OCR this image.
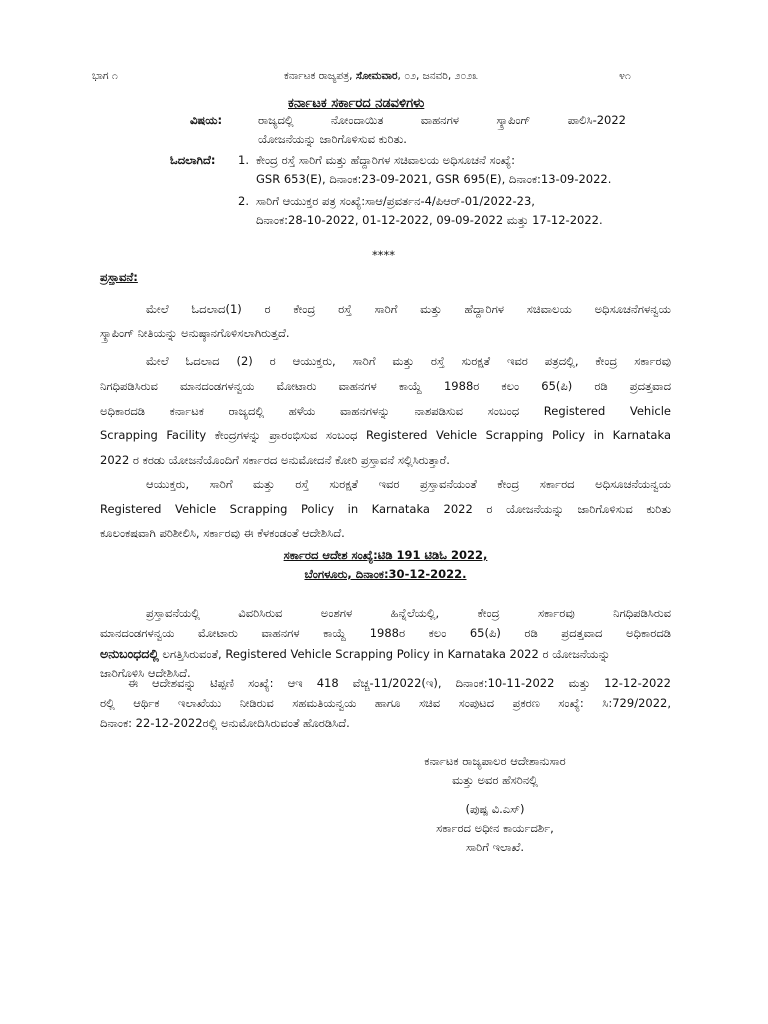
ಭಾಗ ೧	ಕರ್ನಾಟಕ ರಾಜ್ಯಪತ್ರ, ಸೋಮವಾರ, ೦೨, ಜನವರಿ, ೨೦೨೩	೪೧
ಕರ್ನಾಟಕ ಸರ್ಕಾರದ ನಡವಳಿಗಳು
ವಿಷಯ:	ರಾಜ್ಯದಲ್ಲಿ ನೋಂದಾಯಿತ ವಾಹನಗಳ ಸ್ಕ್ರಾಪಿಂಗ್ ಪಾಲಿಸಿ-2022
ಯೋಜನೆಯನ್ನು ಜಾರಿಗೊಳಿಸುವ ಕುರಿತು.
ಓದಲಾಗಿದೆ: 1. ಕೇಂದ್ರ ರಸ್ತೆ ಸಾರಿಗೆ ಮತ್ತು ಹೆದ್ದಾರಿಗಳ ಸಚಿವಾಲಯ ಅಧಿಸೂಚನೆ ಸಂಖ್ಯೆ:
GSR 653(E), ದಿನಾಂಕ:23-09-2021, GSR 695(E), ದಿನಾಂಕ:13-09-2022.
2. ಸಾರಿಗೆ ಆಯುಕ್ತರ ಪತ್ರ ಸಂಖ್ಯೆ:ಸಾಆ/ಪ್ರವರ್ತನ-4/ಪಿಆರ್-01/2022-23,
ದಿನಾಂಕ:28-10-2022, 01-12-2022, 09-09-2022 ಮತ್ತು 17-12-2022.
****
ಪ್ರಸ್ತಾವನೆ:
ಮೇಲೆ ಓದಲಾದ(1) ರ ಕೇಂದ್ರ ರಸ್ತೆ ಸಾರಿಗೆ ಮತ್ತು ಹೆದ್ದಾರಿಗಳ ಸಚಿವಾಲಯ ಅಧಿಸೂಚನೆಗಳನ್ವಯ
ಸ್ಕ್ರಾಪಿಂಗ್ ನೀತಿಯನ್ನು ಅನುಷ್ಠಾನಗೊಳಿಸಲಾಗಿರುತ್ತದೆ.
ಮೇಲೆ ಓದಲಾದ (2) ರ ಆಯುಕ್ತರು, ಸಾರಿಗೆ ಮತ್ತು ರಸ್ತೆ ಸುರಕ್ಷತೆ ಇವರ ಪತ್ರದಲ್ಲಿ, ಕೇಂದ್ರ ಸರ್ಕಾರವು
ನಿಗಧಿಪಡಿಸಿರುವ ಮಾನದಂಡಗಳನ್ವಯ ಮೋಟಾರು ವಾಹನಗಳ ಕಾಯ್ದೆ 1988ರ ಕಲಂ 65(ಪಿ) ರಡಿ ಪ್ರದತ್ತವಾದ
ಅಧಿಕಾರದಡಿ ಕರ್ನಾಟಕ ರಾಜ್ಯದಲ್ಲಿ ಹಳೆಯ ವಾಹನಗಳನ್ನು ನಾಶಪಡಿಸುವ ಸಂಬಂಧ Registered Vehicle
Scrapping Facility ಕೇಂದ್ರಗಳನ್ನು ಪ್ರಾರಂಭಿಸುವ ಸಂಬಂಧ Registered Vehicle Scrapping Policy in Karnataka
2022 ರ ಕರಡು ಯೋಜನೆಯೊಂದಿಗೆ ಸರ್ಕಾರದ ಅನುಮೋದನೆ ಕೋರಿ ಪ್ರಸ್ತಾವನೆ ಸಲ್ಲಿಸಿರುತ್ತಾರೆ.
ಆಯುಕ್ತರು, ಸಾರಿಗೆ ಮತ್ತು ರಸ್ತೆ ಸುರಕ್ಷತೆ ಇವರ ಪ್ರಸ್ತಾವನೆಯಂತೆ ಕೇಂದ್ರ ಸರ್ಕಾರದ ಅಧಿಸೂಚನೆಯನ್ವಯ
Registered Vehicle Scrapping Policy in Karnataka 2022 ರ ಯೋಜನೆಯನ್ನು ಜಾರಿಗೊಳಿಸುವ ಕುರಿತು
ಕೂಲಂಕಷವಾಗಿ ಪರಿಶೀಲಿಸಿ, ಸರ್ಕಾರವು ಈ ಕೆಳಕಂಡಂತೆ ಆದೇಶಿಸಿದೆ.
ಸರ್ಕಾರದ ಆದೇಶ ಸಂಖ್ಯೆ:ಟಿಡಿ 191 ಟಿಡಿಓ 2022,
ಬೆಂಗಳೂರು, ದಿನಾಂಕ:30-12-2022.
ಪ್ರಸ್ತಾವನೆಯಲ್ಲಿ ವಿವರಿಸಿರುವ ಅಂಶಗಳ ಹಿನ್ನೆಲೆಯಲ್ಲಿ, ಕೇಂದ್ರ ಸರ್ಕಾರವು ನಿಗಧಿಪಡಿಸಿರುವ
ಮಾನದಂಡಗಳನ್ವಯ ಮೋಟಾರು ವಾಹನಗಳ ಕಾಯ್ದೆ 1988ರ ಕಲಂ 65(ಪಿ) ರಡಿ ಪ್ರದತ್ತವಾದ ಅಧಿಕಾರದಡಿ
ಅನುಬಂಧದಲ್ಲಿ ಲಗತ್ತಿಸಿರುವಂತೆ, Registered Vehicle Scrapping Policy in Karnataka 2022 ರ ಯೋಜನೆಯನ್ನು
ಜಾರಿಗೊಳಿಸಿ ಆದೇಶಿಸಿದೆ.
ಈ ಆದೇಶವನ್ನು ಟಿಪ್ಪಣಿ ಸಂಖ್ಯೆ: ಆಇ 418 ವೆಚ್ಚ-11/2022(ಇ), ದಿನಾಂಕ:10-11-2022 ಮತ್ತು 12-12-2022
ರಲ್ಲಿ ಆರ್ಥಿಕ ಇಲಾಖೆಯು ನೀಡಿರುವ ಸಹಮತಿಯನ್ವಯ ಹಾಗೂ ಸಚಿವ ಸಂಪುಟದ ಪ್ರಕರಣ ಸಂಖ್ಯೆ: ಸಿ:729/2022,
ದಿನಾಂಕ: 22-12-2022ರಲ್ಲಿ ಅನುಮೋದಿಸಿರುವಂತೆ ಹೊರಡಿಸಿದೆ.
ಕರ್ನಾಟಕ ರಾಜ್ಯಪಾಲರ ಆದೇಶಾನುಸಾರ
ಮತ್ತು ಅವರ ಹೆಸರಿನಲ್ಲಿ
(ಪುಷ್ಪ ವಿ.ಎಸ್)
ಸರ್ಕಾರದ ಅಧೀನ ಕಾರ್ಯದರ್ಶಿ,
ಸಾರಿಗೆ ಇಲಾಖೆ.
